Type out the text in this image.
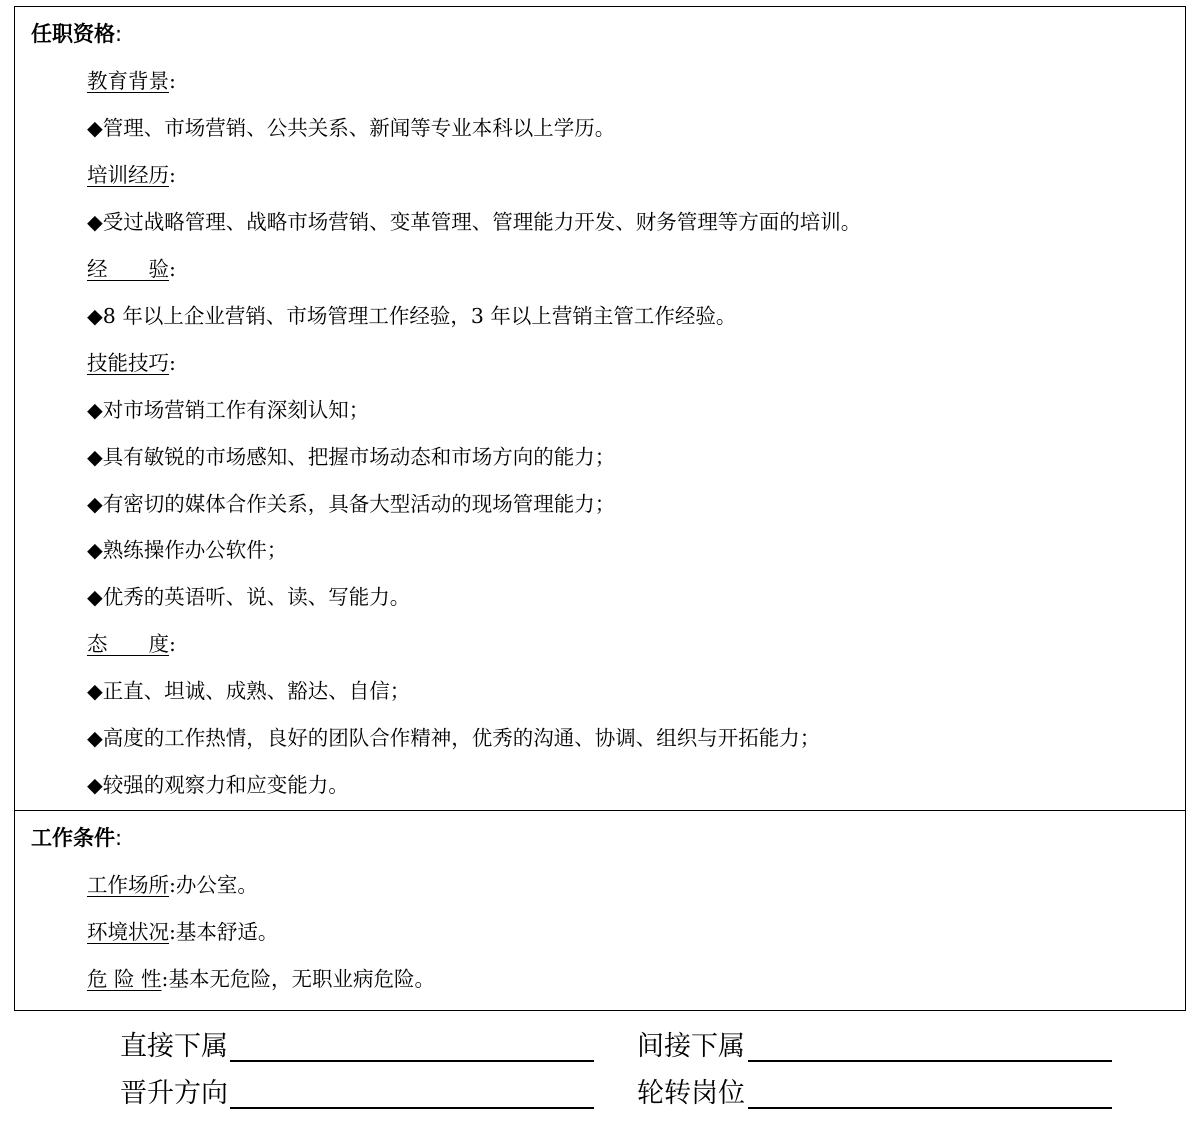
任职资格:
教育背景:
◆管理、市场营销、公共关系、新闻等专业本科以上学历。
培训经历:
◆受过战略管理、战略市场营销、变革管理、管理能力开发、财务管理等方面的培训。
经　　验:
◆8 年以上企业营销、市场管理工作经验，3 年以上营销主管工作经验。
技能技巧:
◆对市场营销工作有深刻认知；
◆具有敏锐的市场感知、把握市场动态和市场方向的能力；
◆有密切的媒体合作关系，具备大型活动的现场管理能力；
◆熟练操作办公软件；
◆优秀的英语听、说、读、写能力。
态　　度:
◆正直、坦诚、成熟、豁达、自信；
◆高度的工作热情，良好的团队合作精神，优秀的沟通、协调、组织与开拓能力；
◆较强的观察力和应变能力。
工作条件:
工作场所:办公室。
环境状况:基本舒适。
危 险 性:基本无危险，无职业病危险。
直接下属	间接下属
晋升方向	轮转岗位
